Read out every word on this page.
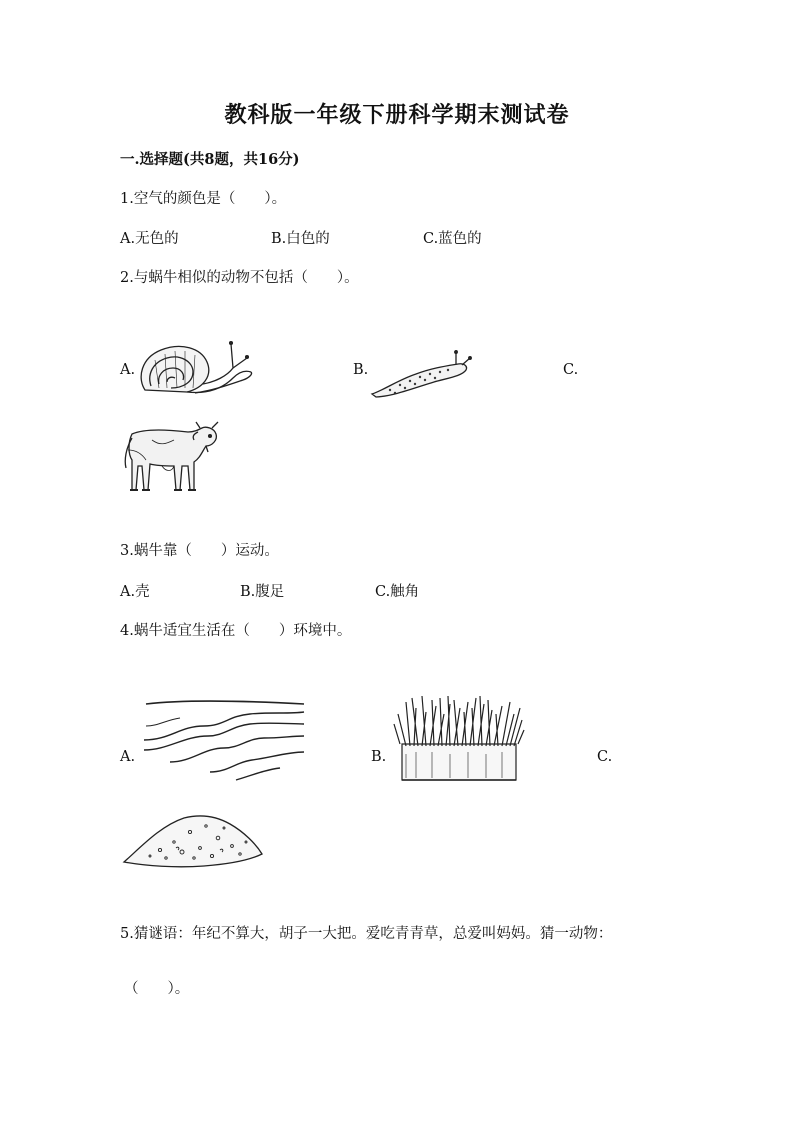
教科版一年级下册科学期末测试卷
一.选择题(共8题，共16分)
1.空气的颜色是（　　）。
A.无色的	B.白色的	C.蓝色的
2.与蜗牛相似的动物不包括（　　）。
A.	B.	C.
3.蜗牛靠（　　）运动。
A.壳	B.腹足	C.触角
4.蜗牛适宜生活在（　　）环境中。
A.	B.	C.
5.猜谜语：年纪不算大，胡子一大把。爱吃青青草，总爱叫妈妈。猜一动物：
（　　）。
